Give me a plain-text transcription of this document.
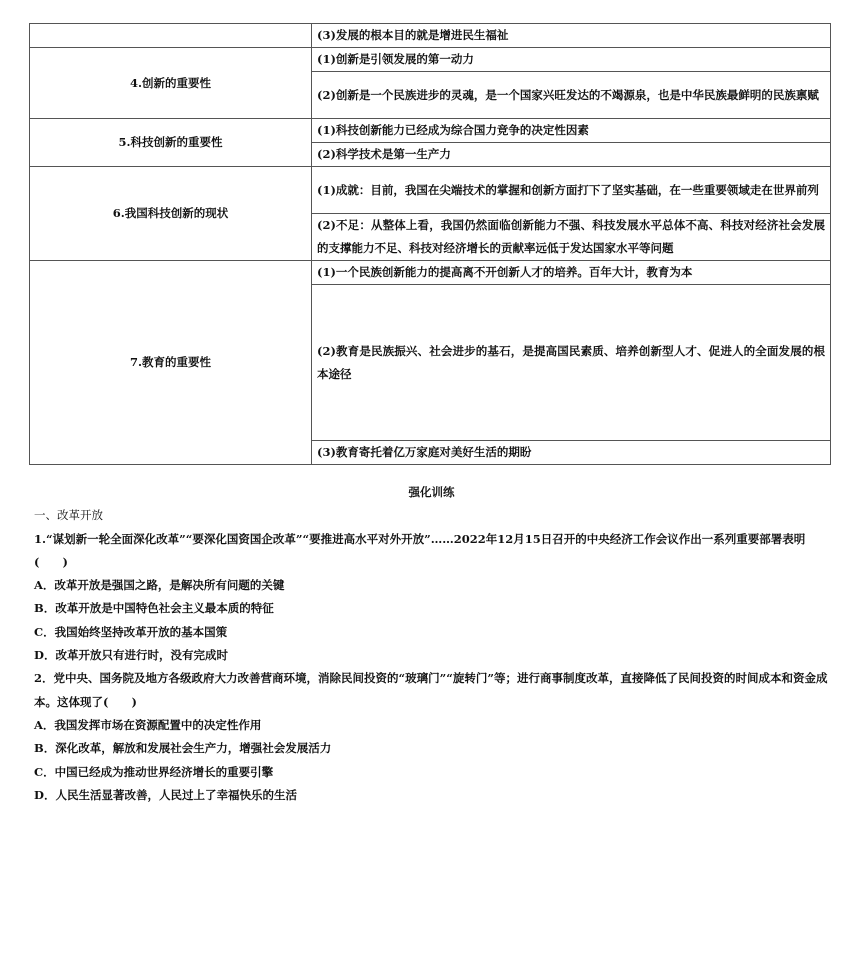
	(3)发展的根本目的就是增进民生福祉
4.创新的重要性	(1)创新是引领发展的第一动力
	(2)创新是一个民族进步的灵魂，是一个国家兴旺发达的不竭源泉，也是中华民族最鲜明的民族禀赋
5.科技创新的重要性	(1)科技创新能力已经成为综合国力竞争的决定性因素
	(2)科学技术是第一生产力
6.我国科技创新的现状	(1)成就：目前，我国在尖端技术的掌握和创新方面打下了坚实基础，在一些重要领域走在世界前列
	(2)不足：从整体上看，我国仍然面临创新能力不强、科技发展水平总体不高、科技对经济社会发展的支撑能力不足、科技对经济增长的贡献率远低于发达国家水平等问题
7.教育的重要性	(1)一个民族创新能力的提高离不开创新人才的培养。百年大计，教育为本
	(2)教育是民族振兴、社会进步的基石，是提高国民素质、培养创新型人才、促进人的全面发展的根本途径
	(3)教育寄托着亿万家庭对美好生活的期盼

强化训练

一、改革开放

1.“谋划新一轮全面深化改革”“要深化国资国企改革”“要推进高水平对外开放”……2022年12月15日召开的中央经济工作会议作出一系列重要部署表明(　　)

A．改革开放是强国之路，是解决所有问题的关键

B．改革开放是中国特色社会主义最本质的特征

C．我国始终坚持改革开放的基本国策

D．改革开放只有进行时，没有完成时

2．党中央、国务院及地方各级政府大力改善营商环境，消除民间投资的“玻璃门”“旋转门”等；进行商事制度改革，直接降低了民间投资的时间成本和资金成本。这体现了(　　)

A．我国发挥市场在资源配置中的决定性作用

B．深化改革，解放和发展社会生产力，增强社会发展活力

C．中国已经成为推动世界经济增长的重要引擎

D．人民生活显著改善，人民过上了幸福快乐的生活
